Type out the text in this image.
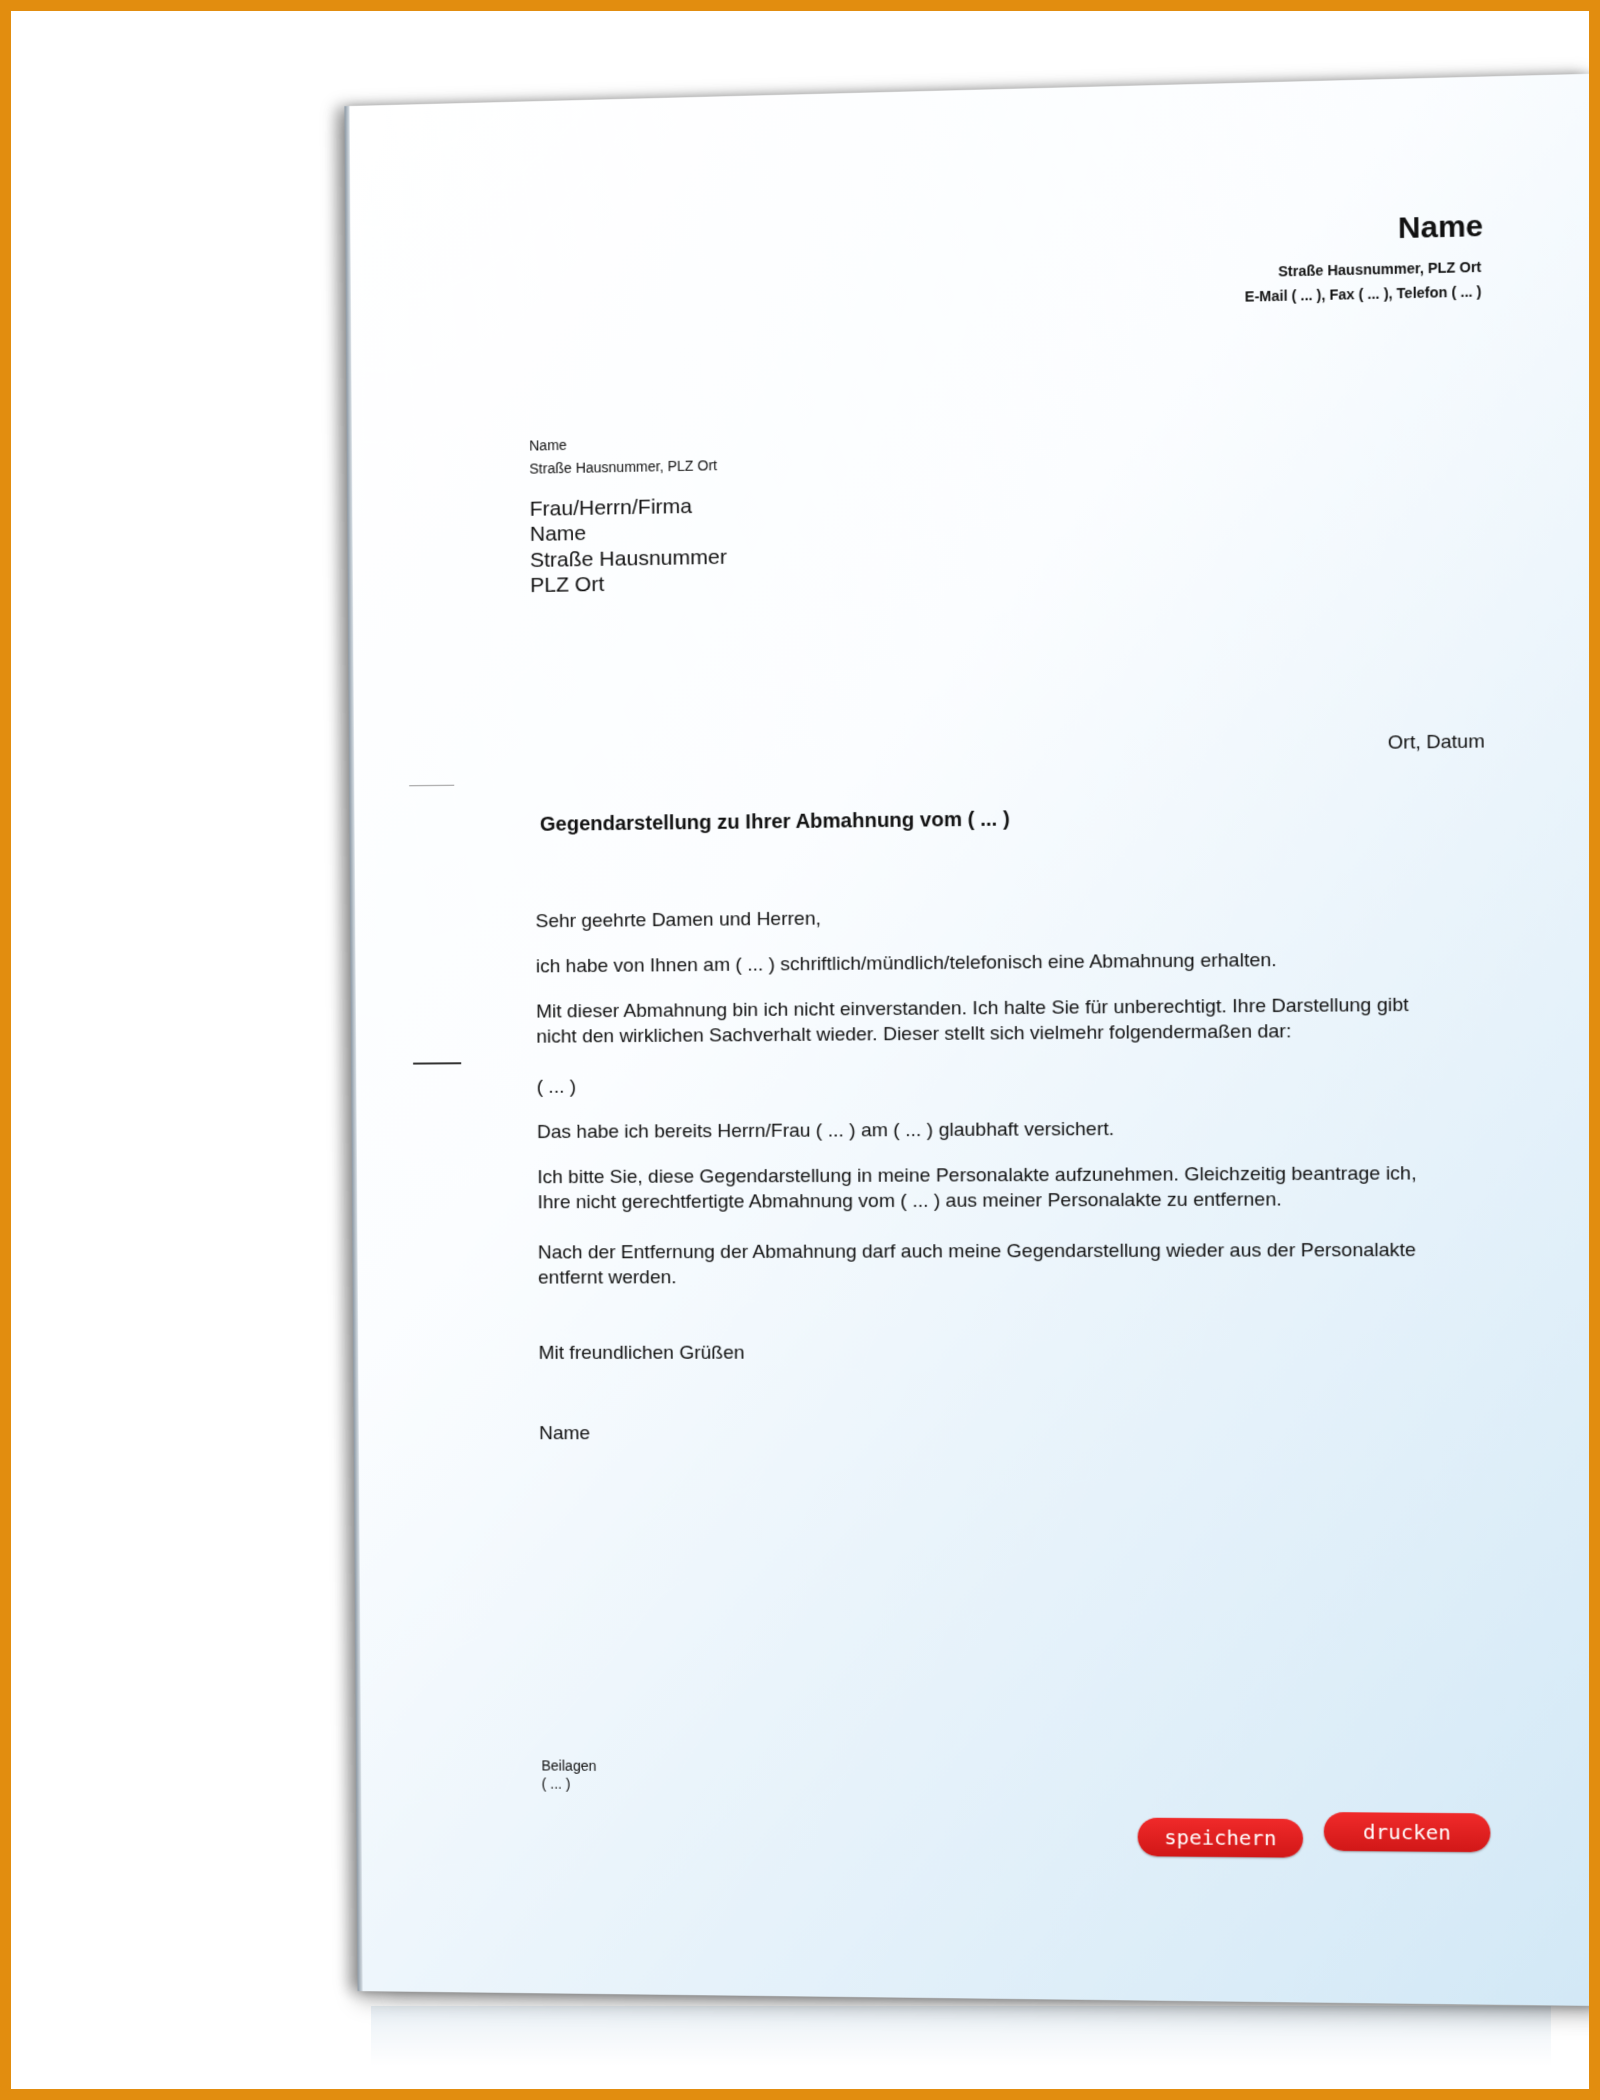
Name
Straße Hausnummer, PLZ Ort
E-Mail ( ... ), Fax ( ... ), Telefon ( ... )
Name
Straße Hausnummer, PLZ Ort
Frau/Herrn/Firma
Name
Straße Hausnummer
PLZ Ort
Ort, Datum
Gegendarstellung zu Ihrer Abmahnung vom ( ... )
Sehr geehrte Damen und Herren,
ich habe von Ihnen am ( ... ) schriftlich/mündlich/telefonisch eine Abmahnung erhalten.
Mit dieser Abmahnung bin ich nicht einverstanden. Ich halte Sie für unberechtigt. Ihre Darstellung gibt
nicht den wirklichen Sachverhalt wieder. Dieser stellt sich vielmehr folgendermaßen dar:
( ... )
Das habe ich bereits Herrn/Frau ( ... ) am ( ... ) glaubhaft versichert.
Ich bitte Sie, diese Gegendarstellung in meine Personalakte aufzunehmen. Gleichzeitig beantrage ich,
Ihre nicht gerechtfertigte Abmahnung vom ( ... ) aus meiner Personalakte zu entfernen.
Nach der Entfernung der Abmahnung darf auch meine Gegendarstellung wieder aus der Personalakte
entfernt werden.
Mit freundlichen Grüßen
Name
Beilagen
( ... )
speichern	drucken
